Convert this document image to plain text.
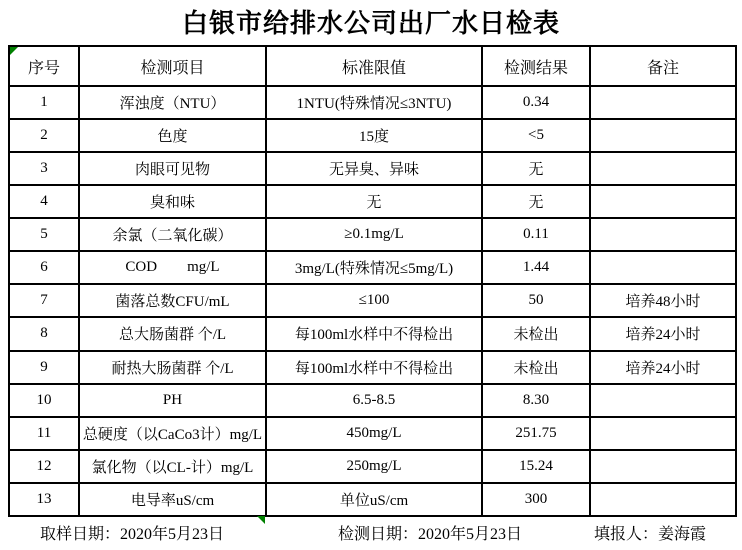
白银市给排水公司出厂水日检表
序号	检测项目	标准限值	检测结果	备注
1	浑浊度（NTU）	1NTU(特殊情况≤3NTU)	0.34	
2	色度	15度	<5	
3	肉眼可见物	无异臭、异味	无	
4	臭和味	无	无	
5	余氯（二氧化碳）	≥0.1mg/L	0.11	
6	COD        mg/L	3mg/L(特殊情况≤5mg/L)	1.44	
7	菌落总数CFU/mL	≤100	50	培养48小时
8	总大肠菌群 个/L	每100ml水样中不得检出	未检出	培养24小时
9	耐热大肠菌群 个/L	每100ml水样中不得检出	未检出	培养24小时
10	PH	6.5-8.5	8.30	
11	总硬度（以CaCo3计）mg/L	450mg/L	251.75	
12	氯化物（以CL-计）mg/L	250mg/L	15.24	
13	电导率uS/cm	单位uS/cm	300	
取样日期：2020年5月23日	检测日期：2020年5月23日	填报人：姜海霞
